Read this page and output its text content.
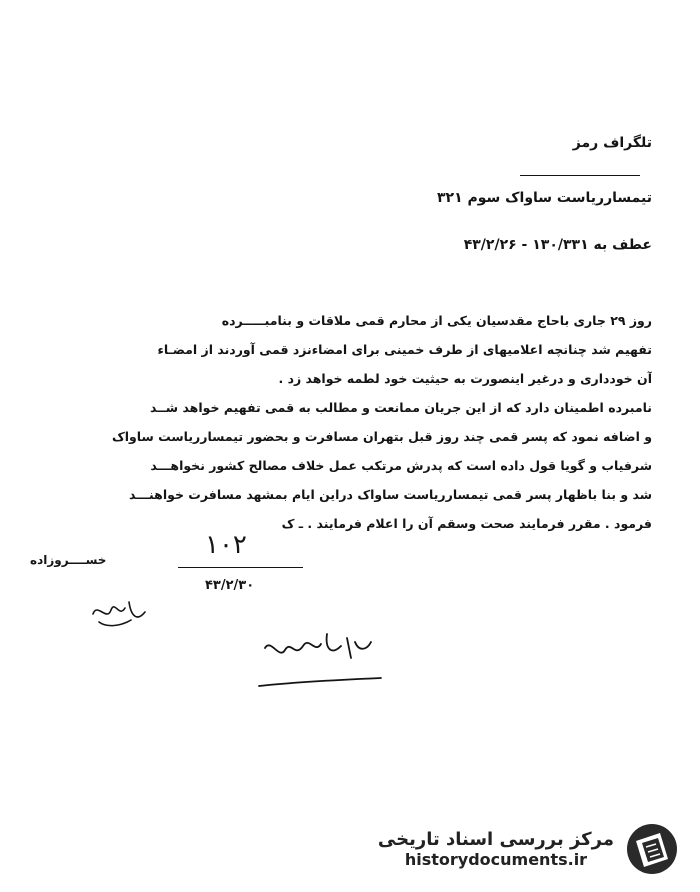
تلگراف رمز
تیمسارریاست ساواک سوم ۳۲۱
عطف به ۱۳۰/۳۳۱ - ۴۳/۲/۲۶
روز ۲۹ جاری باحاج مقدسیان یکی از محارم قمی ملاقات و بنامبـــــرده
تفهیم شد چنانچه اعلامیهای از طرف خمینی برای امضاءنزد قمی آوردند از امضـاء
آن خودداری و درغیر اینصورت به حیثیت خود لطمه خواهد زد .
نامبرده اطمینان دارد که از این جریان ممانعت و مطالب به قمی تفهیم خواهد شــد
و اضافه نمود که پسر قمی چند روز قبل بتهران مسافرت و بحضور تیمسارریاست ساواک
شرفیاب و گویا قول داده است که پدرش مرتکب عمل خلاف مصالح کشور نخواهـــد
شد و بنا باظهار پسر قمی تیمسارریاست ساواک دراین ایام بمشهد مسافرت خواهنـــد
فرمود . مقرر فرمایند صحت وسقم آن را اعلام فرمایند . ـ ک
خســــروزاده	۱۰۲
۴۳/۲/۳۰
مرکز بررسی اسناد تاریخی
historydocuments.ir
